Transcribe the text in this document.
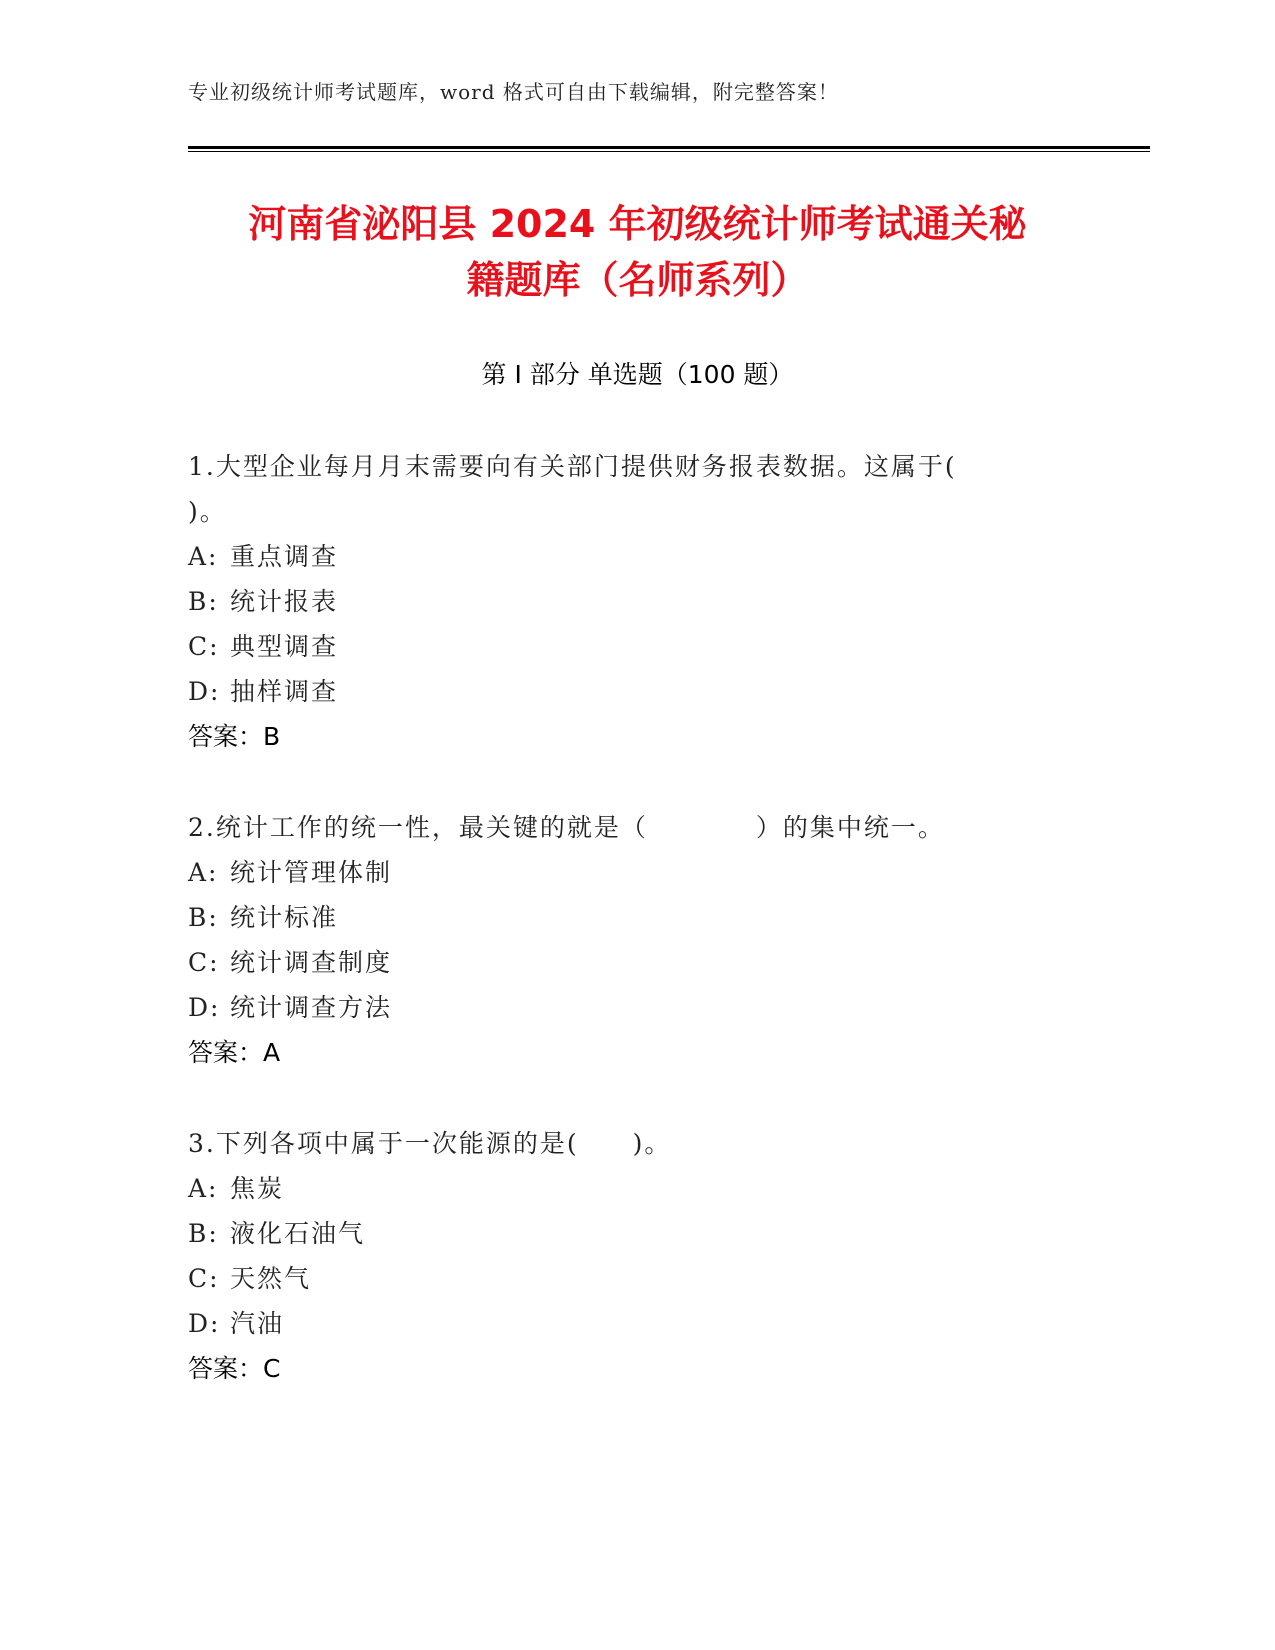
专业初级统计师考试题库，word 格式可自由下载编辑，附完整答案！
河南省泌阳县 2024 年初级统计师考试通关秘
籍题库（名师系列）
第 I 部分 单选题（100 题）
1.大型企业每月月末需要向有关部门提供财务报表数据。这属于(
)。
A: 重点调查
B: 统计报表
C: 典型调查
D: 抽样调查
答案：B
2.统计工作的统一性，最关键的就是（　　　　）的集中统一。
A: 统计管理体制
B: 统计标准
C: 统计调查制度
D: 统计调查方法
答案：A
3.下列各项中属于一次能源的是(　　)。
A: 焦炭
B: 液化石油气
C: 天然气
D: 汽油
答案：C
